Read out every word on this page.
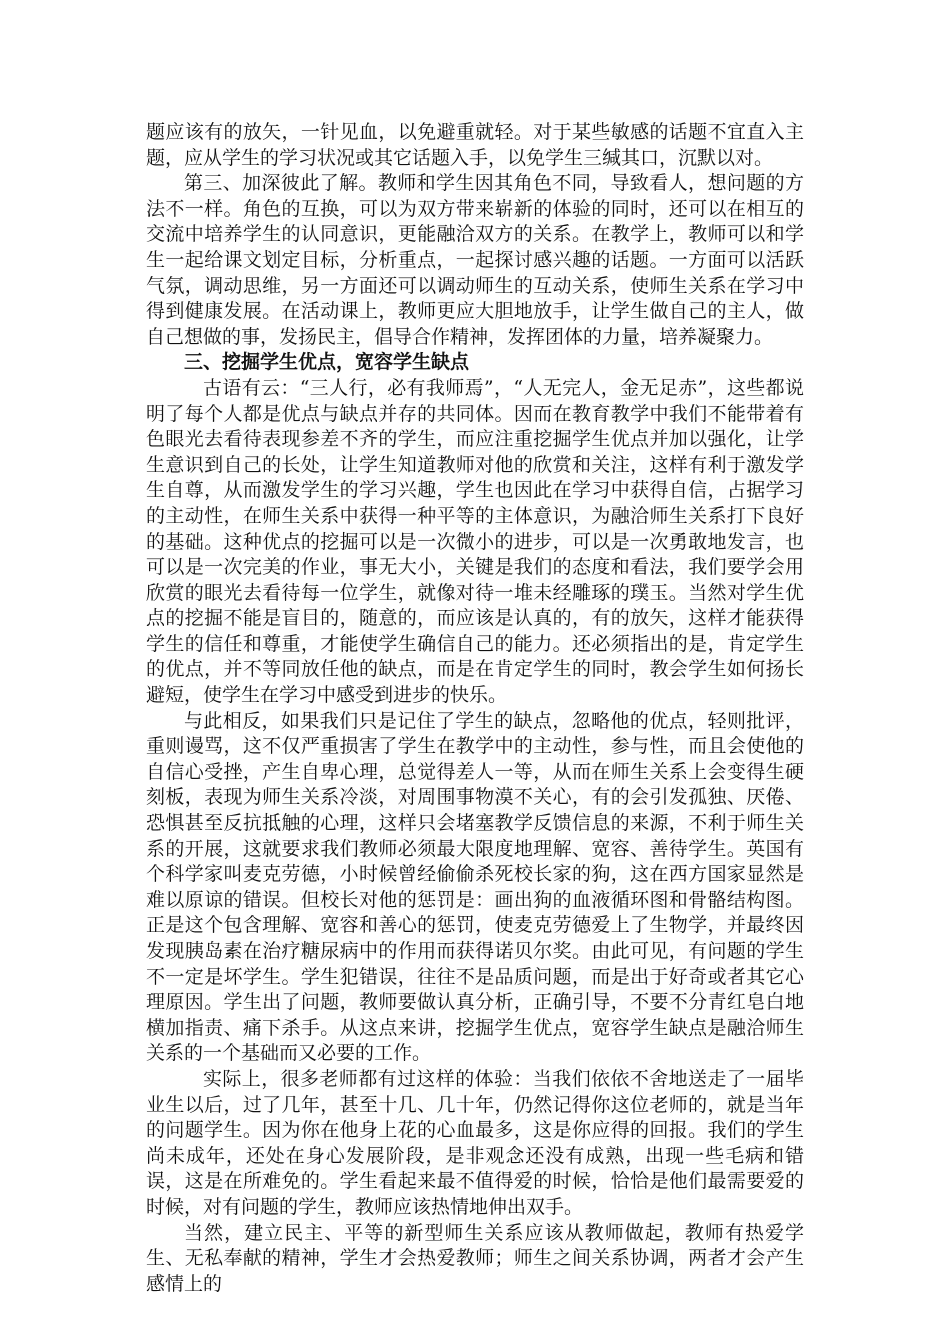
题应该有的放矢，一针见血，以免避重就轻。对于某些敏感的话题不宜直入主题，应从学生的学习状况或其它话题入手，以免学生三缄其口，沉默以对。

第三、加深彼此了解。教师和学生因其角色不同，导致看人，想问题的方法不一样。角色的互换，可以为双方带来崭新的体验的同时，还可以在相互的交流中培养学生的认同意识，更能融洽双方的关系。在教学上，教师可以和学生一起给课文划定目标，分析重点，一起探讨感兴趣的话题。一方面可以活跃气氛，调动思维，另一方面还可以调动师生的互动关系，使师生关系在学习中得到健康发展。在活动课上，教师更应大胆地放手，让学生做自己的主人，做自己想做的事，发扬民主，倡导合作精神，发挥团体的力量，培养凝聚力。

三、挖掘学生优点，宽容学生缺点

古语有云：“三人行，必有我师焉”，“人无完人，金无足赤”，这些都说明了每个人都是优点与缺点并存的共同体。因而在教育教学中我们不能带着有色眼光去看待表现参差不齐的学生，而应注重挖掘学生优点并加以强化，让学生意识到自己的长处，让学生知道教师对他的欣赏和关注，这样有利于激发学生自尊，从而激发学生的学习兴趣，学生也因此在学习中获得自信，占据学习的主动性，在师生关系中获得一种平等的主体意识，为融洽师生关系打下良好的基础。这种优点的挖掘可以是一次微小的进步，可以是一次勇敢地发言，也可以是一次完美的作业，事无大小，关键是我们的态度和看法，我们要学会用欣赏的眼光去看待每一位学生，就像对待一堆未经雕琢的璞玉。当然对学生优点的挖掘不能是盲目的，随意的，而应该是认真的，有的放矢，这样才能获得学生的信任和尊重，才能使学生确信自己的能力。还必须指出的是，肯定学生的优点，并不等同放任他的缺点，而是在肯定学生的同时，教会学生如何扬长避短，使学生在学习中感受到进步的快乐。

与此相反，如果我们只是记住了学生的缺点，忽略他的优点，轻则批评，重则谩骂，这不仅严重损害了学生在教学中的主动性，参与性，而且会使他的自信心受挫，产生自卑心理，总觉得差人一等，从而在师生关系上会变得生硬刻板，表现为师生关系冷淡，对周围事物漠不关心，有的会引发孤独、厌倦、恐惧甚至反抗抵触的心理，这样只会堵塞教学反馈信息的来源，不利于师生关系的开展，这就要求我们教师必须最大限度地理解、宽容、善待学生。英国有个科学家叫麦克劳德，小时候曾经偷偷杀死校长家的狗，这在西方国家显然是难以原谅的错误。但校长对他的惩罚是：画出狗的血液循环图和骨骼结构图。正是这个包含理解、宽容和善心的惩罚，使麦克劳德爱上了生物学，并最终因发现胰岛素在治疗糖尿病中的作用而获得诺贝尔奖。由此可见，有问题的学生不一定是坏学生。学生犯错误，往往不是品质问题，而是出于好奇或者其它心理原因。学生出了问题，教师要做认真分析，正确引导，不要不分青红皂白地横加指责、痛下杀手。从这点来讲，挖掘学生优点，宽容学生缺点是融洽师生关系的一个基础而又必要的工作。

实际上，很多老师都有过这样的体验：当我们依依不舍地送走了一届毕业生以后，过了几年，甚至十几、几十年，仍然记得你这位老师的，就是当年的问题学生。因为你在他身上花的心血最多，这是你应得的回报。我们的学生尚未成年，还处在身心发展阶段，是非观念还没有成熟，出现一些毛病和错误，这是在所难免的。学生看起来最不值得爱的时候，恰恰是他们最需要爱的时候，对有问题的学生，教师应该热情地伸出双手。

当然，建立民主、平等的新型师生关系应该从教师做起，教师有热爱学生、无私奉献的精神，学生才会热爱教师；师生之间关系协调，两者才会产生感情上的
